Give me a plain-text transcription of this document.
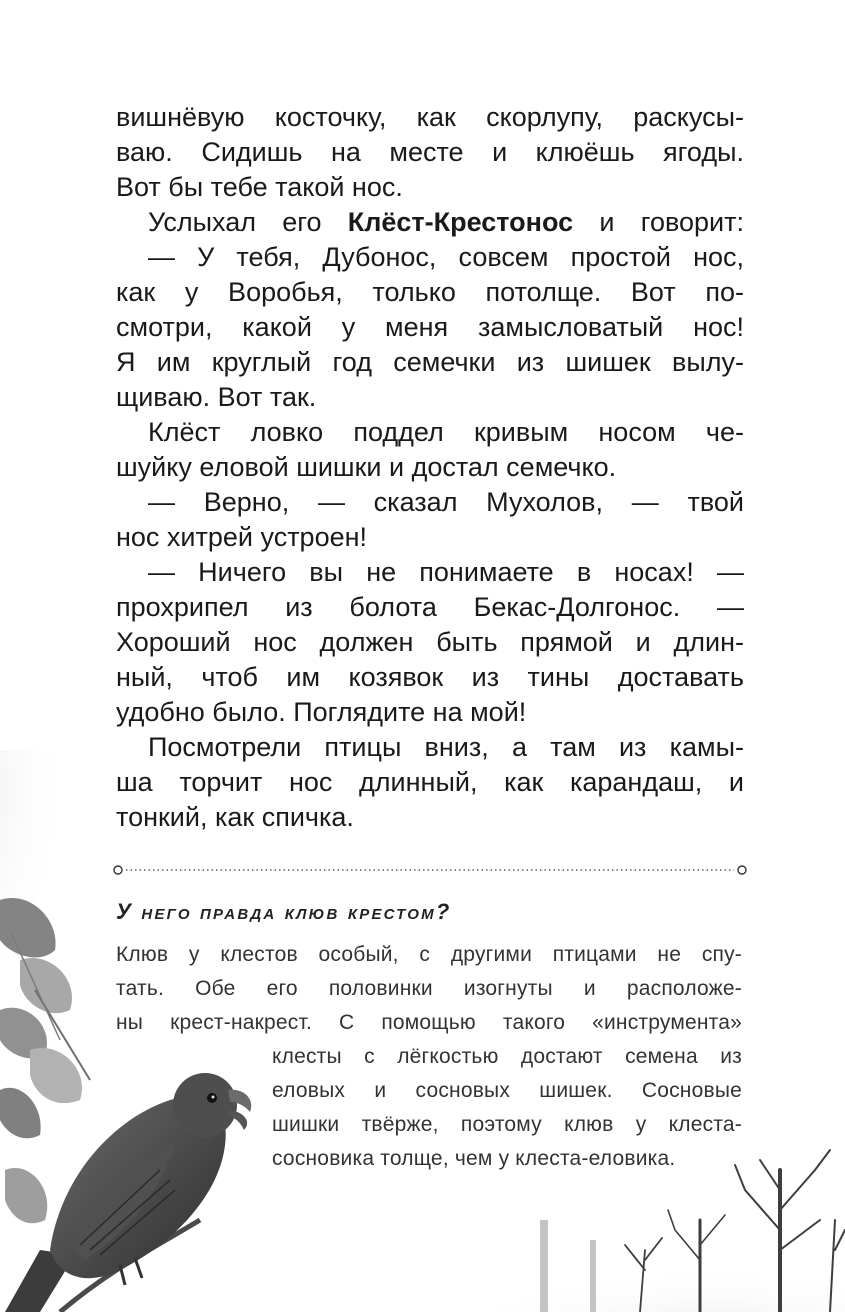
вишнёвую косточку, как скорлупу, раскусы-
ваю. Сидишь на месте и клюёшь ягоды.
Вот бы тебе такой нос.
Услыхал его Клёст-Крестонос и говорит:
— У тебя, Дубонос, совсем простой нос,
как у Воробья, только потолще. Вот по-
смотри, какой у меня замысловатый нос!
Я им круглый год семечки из шишек вылу-
щиваю. Вот так.
Клёст ловко поддел кривым носом че-
шуйку еловой шишки и достал семечко.
— Верно, — сказал Мухолов, — твой
нос хитрей устроен!
— Ничего вы не понимаете в носах! —
прохрипел из болота Бекас-Долгонос. —
Хороший нос должен быть прямой и длин-
ный, чтоб им козявок из тины доставать
удобно было. Поглядите на мой!
Посмотрели птицы вниз, а там из камы-
ша торчит нос длинный, как карандаш, и
тонкий, как спичка.
У него правда клюв крестом?
Клюв у клестов особый, с другими птицами не спу-
тать. Обе его половинки изогнуты и расположе-
ны крест-накрест. С помощью такого «инструмента»
клесты с лёгкостью достают семена из
еловых и сосновых шишек. Сосновые
шишки твёрже, поэтому клюв у клеста-
сосновика толще, чем у клеста-еловика.
